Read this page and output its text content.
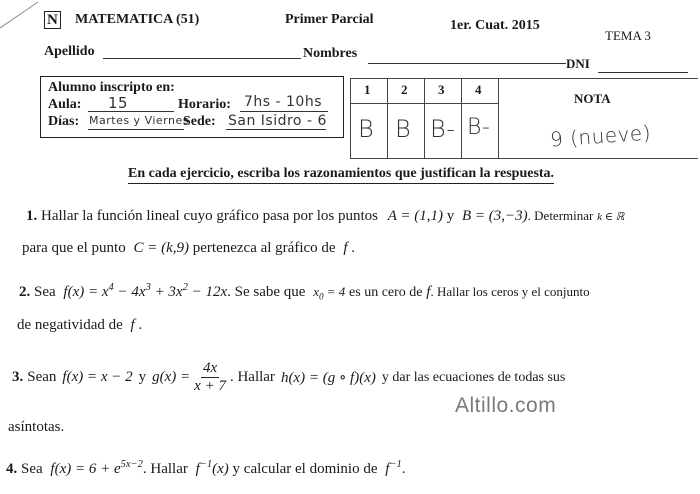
N MATEMATICA (51)	Primer Parcial	1er. Cuat. 2015
TEMA 3
Apellido	Nombres
DNI
Alumno inscripto en:
Aula: 15	Horario: 7hs - 10hs
Días: Martes y Viernes
Sede: San Isidro - 6
1 2 3 4
NOTA
B B B- B-	9 (nueve)
En cada ejercicio, escriba los razonamientos que justifican la respuesta.
1. Hallar la función lineal cuyo gráfico pasa por los puntos A = (1,1) y B = (3,−3). Determinar k ∈ ℝ
para que el punto C = (k,9) pertenezca al gráfico de f .
2. Sea $f(x) = x^4 - 4x^3 + 3x^2 - 12x$. Se sabe que $x_0 = 4$ es un cero de f. Hallar los ceros y el conjunto
de negatividad de f .
3. Sean f(x) = x − 2 y $g(x) = \frac{4x}{x + 7}$ . Hallar h(x) = (g ∘ f)(x) y dar las ecuaciones de todas sus
Altillo.com
asíntotas.
4. Sea $f(x) = 6 + e^{5x-2}$. Hallar $f^{-1}(x)$ y calcular el dominio de $f^{-1}$.
